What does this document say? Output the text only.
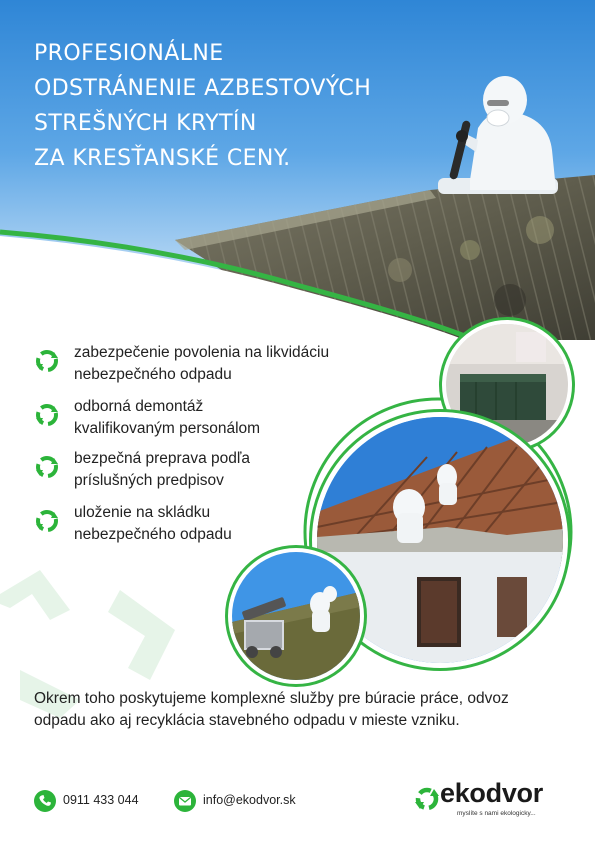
PROFESIONÁLNE
ODSTRÁNENIE AZBESTOVÝCH
STREŠNÝCH KRYTÍN
ZA KRESŤANSKÉ CENY.
zabezpečenie povolenia na likvidáciu
nebezpečného odpadu
odborná demontáž
kvalifikovaným personálom
bezpečná preprava podľa
príslušných predpisov
uloženie na skládku
nebezpečného odpadu

Okrem toho poskytujeme komplexné služby pre búracie práce, odvoz odpadu ako aj recyklácia stavebného odpadu v mieste vzniku.

0911 433 044	info@ekodvor.sk	ekodvor
myslíte s nami ekologicky...
